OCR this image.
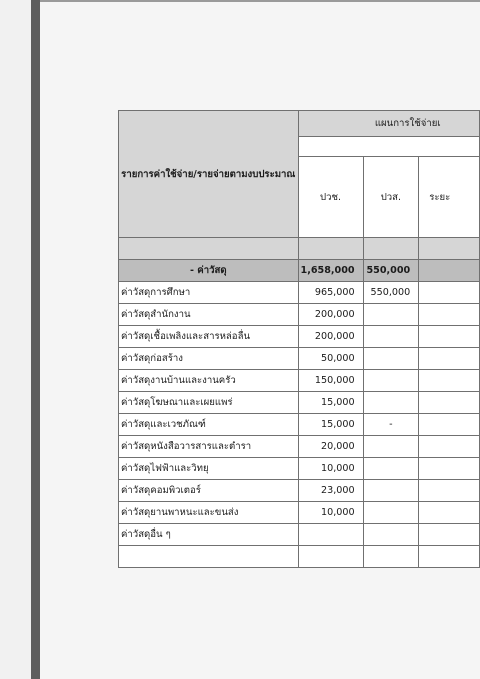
รายการค่าใช้จ่าย/รายจ่ายตามงบประมาณ	แผนการใช้จ่ายเ		

	ปวช.	ปวส.	ระยะ

- ค่าวัสดุ	1,658,000	550,000	
ค่าวัสดุการศึกษา	965,000	550,000	
ค่าวัสดุสำนักงาน	200,000		
ค่าวัสดุเชื้อเพลิงและสารหล่อลื่น	200,000		
ค่าวัสดุก่อสร้าง	50,000		
ค่าวัสดุงานบ้านและงานครัว	150,000		
ค่าวัสดุโฆษณาและเผยแพร่	15,000		
ค่าวัสดุและเวชภัณฑ์	15,000	-	
ค่าวัสดุหนังสือวารสารและตำรา	20,000		
ค่าวัสดุไฟฟ้าและวิทยุ	10,000		
ค่าวัสดุคอมพิวเตอร์	23,000		
ค่าวัสดุยานพาหนะและขนส่ง	10,000		
ค่าวัสดุอื่น ๆ			
